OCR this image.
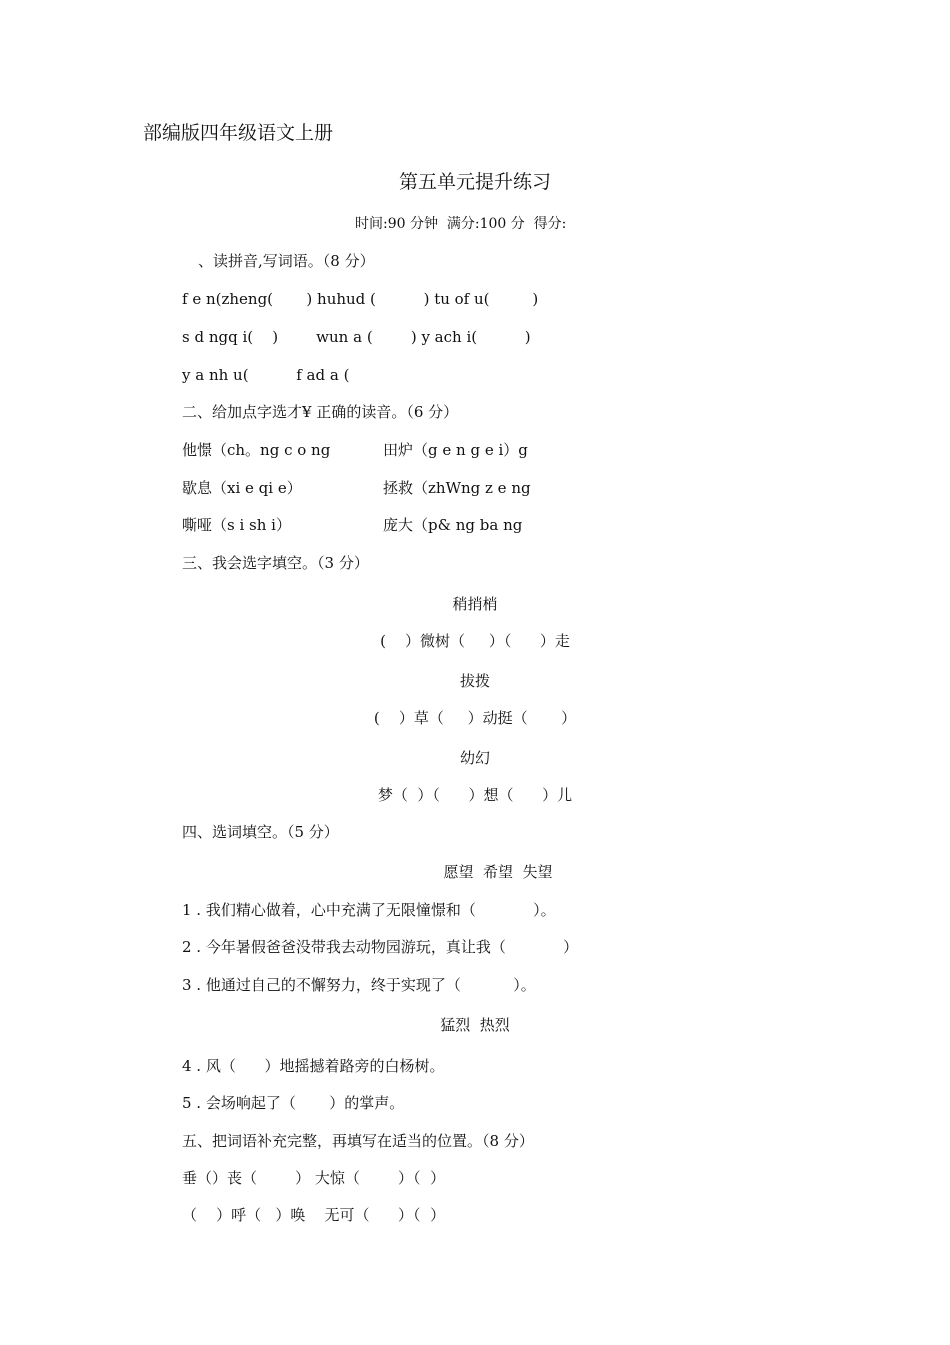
部编版四年级语文上册
第五单元提升练习
时间:90 分钟  满分:100 分  得分:
、读拼音,写词语。（8 分）
f e n(zheng(       ) huhud (          ) tu of u(         )
s d ngq i(    )        wun a (        ) y ach i(          )
y a nh u(          f ad a (
二、给加点字选才¥ 正确的读音。（6 分）
他憬（ch。ng c o ng	田炉（g e n g e i）g
歇息（xi e qi e）	拯救（zhWng z e ng
嘶哑（s i sh i）	庞大（p& ng ba ng
三、我会选字填空。（3 分）
稍捎梢
(    ）微树（     ）（      ）走
拔拨
(    ）草（     ）动挺（       ）
幼幻
梦（  ）（      ）想（      ）儿
四、选词填空。（5 分）
愿望  希望  失望
1 . 我们精心做着，心中充满了无限憧憬和（            ）。
2 . 今年暑假爸爸没带我去动物园游玩，真让我（            ）
3 . 他通过自己的不懈努力，终于实现了（           ）。
猛烈  热烈
4 . 风（      ）地摇撼着路旁的白杨树。
5 . 会场响起了（       ）的掌声。
五、把词语补充完整，再填写在适当的位置。（8 分）
垂（）丧（        ） 大惊（        ）（  ）
（    ）呼（   ）唤    无可（      ）（  ）
